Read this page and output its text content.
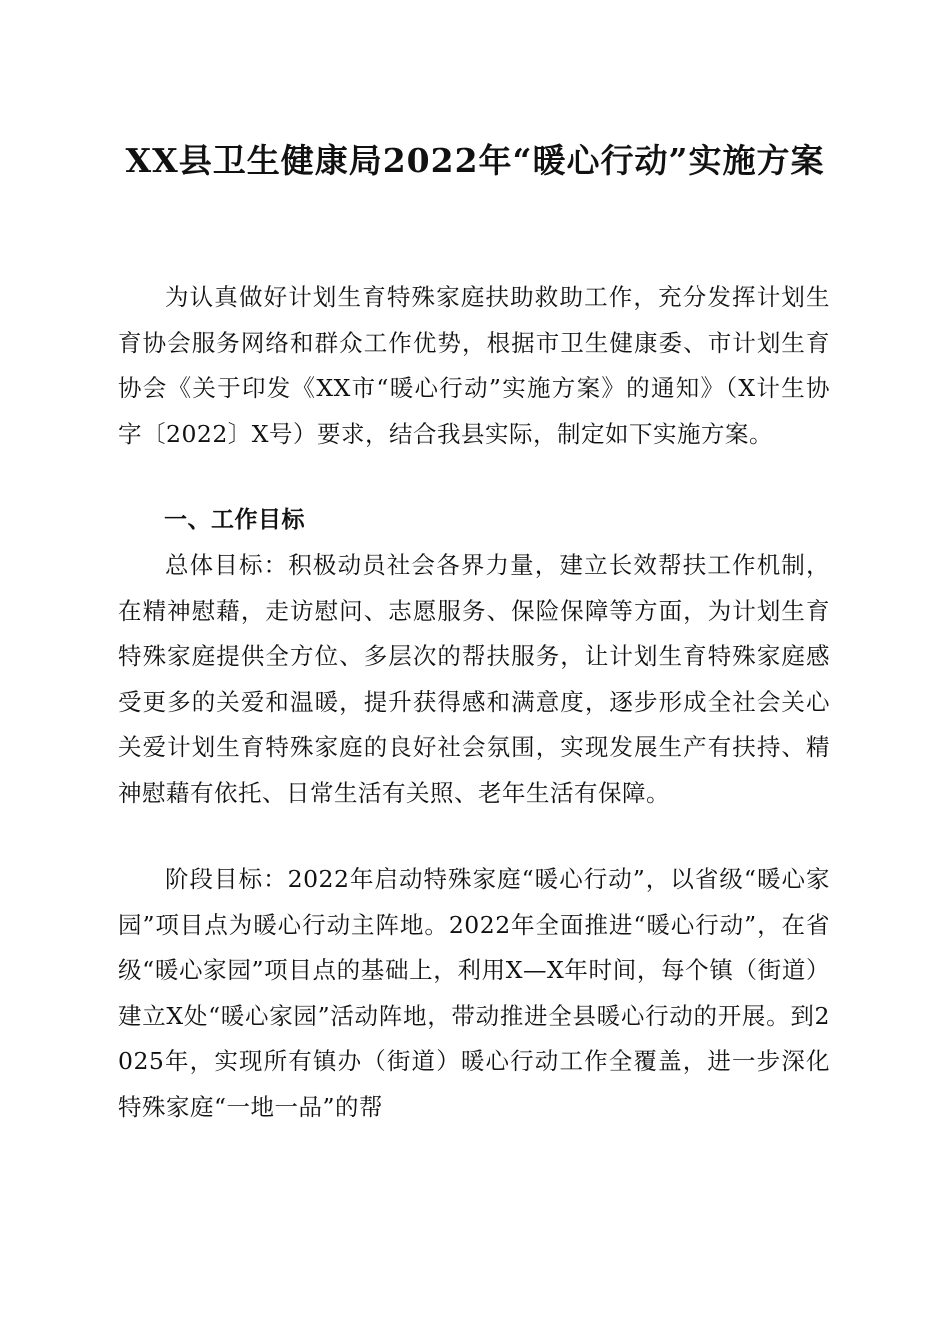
XX县卫生健康局2022年“暖心行动”实施方案

为认真做好计划生育特殊家庭扶助救助工作，充分发挥计划生育协会服务网络和群众工作优势，根据市卫生健康委、市计划生育协会《关于印发《XX市“暖心行动”实施方案》的通知》（X计生协字〔2022〕X号）要求，结合我县实际，制定如下实施方案。

一、工作目标

总体目标：积极动员社会各界力量，建立长效帮扶工作机制，在精神慰藉，走访慰问、志愿服务、保险保障等方面，为计划生育特殊家庭提供全方位、多层次的帮扶服务，让计划生育特殊家庭感受更多的关爱和温暖，提升获得感和满意度，逐步形成全社会关心关爱计划生育特殊家庭的良好社会氛围，实现发展生产有扶持、精神慰藉有依托、日常生活有关照、老年生活有保障。

阶段目标：2022年启动特殊家庭“暖心行动”，以省级“暖心家园”项目点为暖心行动主阵地。2022年全面推进“暖心行动”，在省级“暖心家园”项目点的基础上，利用X—X年时间，每个镇（街道）建立X处“暖心家园”活动阵地，带动推进全县暖心行动的开展。到2025年，实现所有镇办（街道）暖心行动工作全覆盖，进一步深化特殊家庭“一地一品”的帮
